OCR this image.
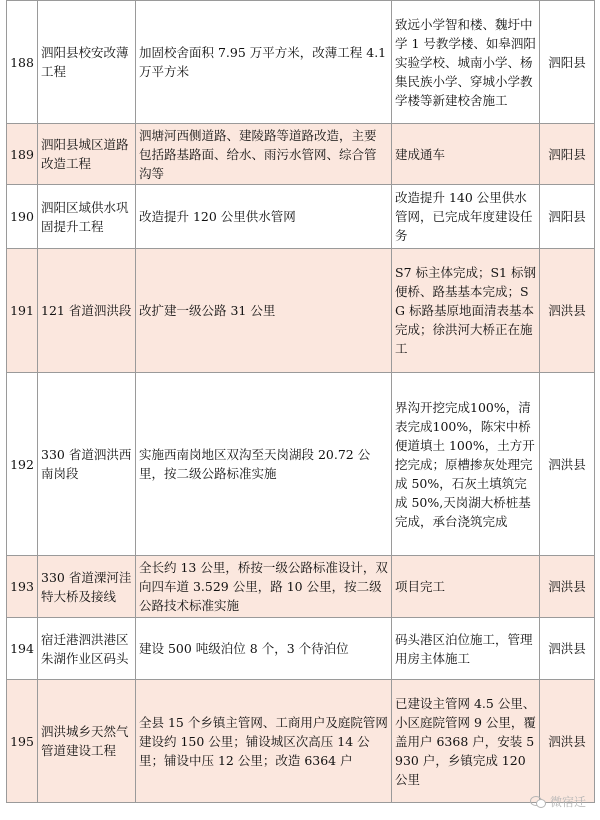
188	泗阳县校安改薄工程	加固校舍面积 7.95 万平方米，改薄工程 4.1 万平方米	致远小学智和楼、魏圩中学 1 号教学楼、如皋泗阳实验学校、城南小学、杨集民族小学、穿城小学教学楼等新建校舍施工	泗阳县
189	泗阳县城区道路改造工程	泗塘河西侧道路、建陵路等道路改造，主要包括路基路面、给水、雨污水管网、综合管沟等	建成通车	泗阳县
190	泗阳区域供水巩固提升工程	改造提升 120 公里供水管网	改造提升 140 公里供水管网，已完成年度建设任务	泗阳县
191	121 省道泗洪段	改扩建一级公路 31 公里	S7 标主体完成；S1 标钢便桥、路基基本完成；SG 标路基原地面清表基本完成；徐洪河大桥正在施工	泗洪县
192	330 省道泗洪西南岗段	实施西南岗地区双沟至天岗湖段 20.72 公里，按二级公路标准实施	界沟开挖完成100%，清表完成100%，陈宋中桥便道填土 100%，土方开挖完成；原槽掺灰处理完成 50%，石灰土填筑完成 50%,天岗湖大桥桩基完成，承台浇筑完成	泗洪县
193	330 省道溧河洼特大桥及接线	全长约 13 公里，桥按一级公路标准设计，双向四车道 3.529 公里，路 10 公里，按二级公路技术标准实施	项目完工	泗洪县
194	宿迁港泗洪港区朱湖作业区码头	建设 500 吨级泊位 8 个，3 个待泊位	码头港区泊位施工，管理用房主体施工	泗洪县
195	泗洪城乡天然气管道建设工程	全县 15 个乡镇主管网、工商用户及庭院管网建设约 150 公里；铺设城区次高压 14 公里；铺设中压 12 公里；改造 6364 户	已建设主管网 4.5 公里、小区庭院管网 9 公里，覆盖用户 6368 户，安装 5930 户，乡镇完成 120 公里	泗洪县
微宿迁
